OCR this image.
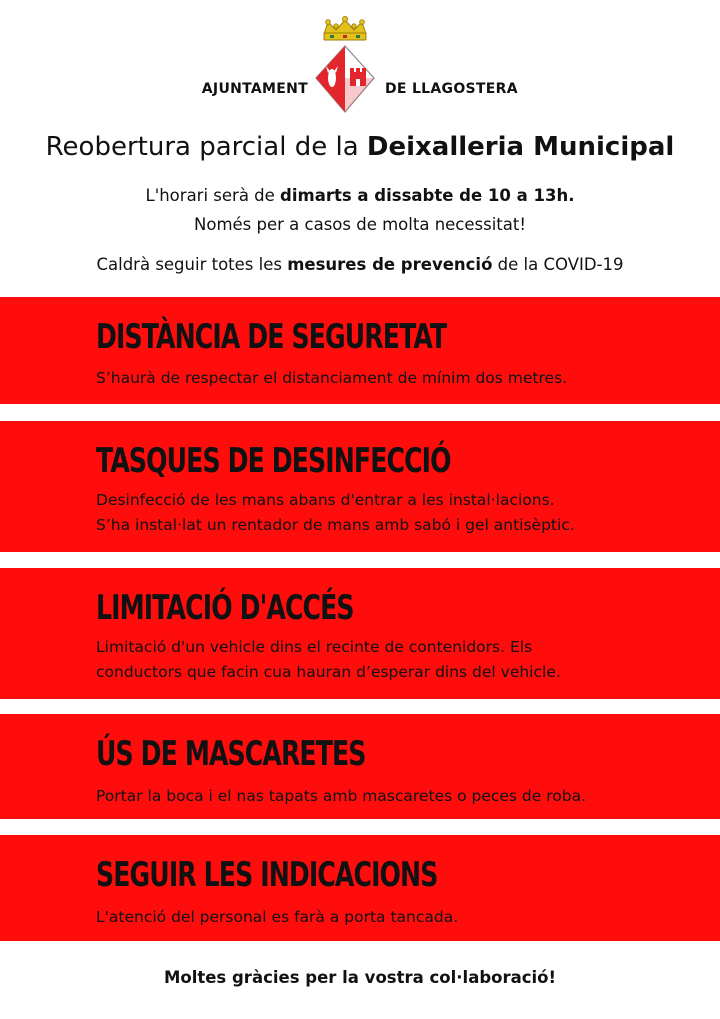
AJUNTAMENT	DE LLAGOSTERA
Reobertura parcial de la Deixalleria Municipal
L'horari serà de dimarts a dissabte de 10 a 13h.
Només per a casos de molta necessitat!
Caldrà seguir totes les mesures de prevenció de la COVID-19
DISTÀNCIA DE SEGURETAT

S’haurà de respectar el distanciament de mínim dos metres.

TASQUES DE DESINFECCIÓ

Desinfecció de les mans abans d'entrar a les instal·lacions.

S’ha instal·lat un rentador de mans amb sabó i gel antisèptic.

LIMITACIÓ D'ACCÉS

Limitació d'un vehicle dins el recinte de contenidors. Els

conductors que facin cua hauran d’esperar dins del vehicle.

ÚS DE MASCARETES

Portar la boca i el nas tapats amb mascaretes o peces de roba.

SEGUIR LES INDICACIONS

L'atenció del personal es farà a porta tancada.

Moltes gràcies per la vostra col·laboració!
